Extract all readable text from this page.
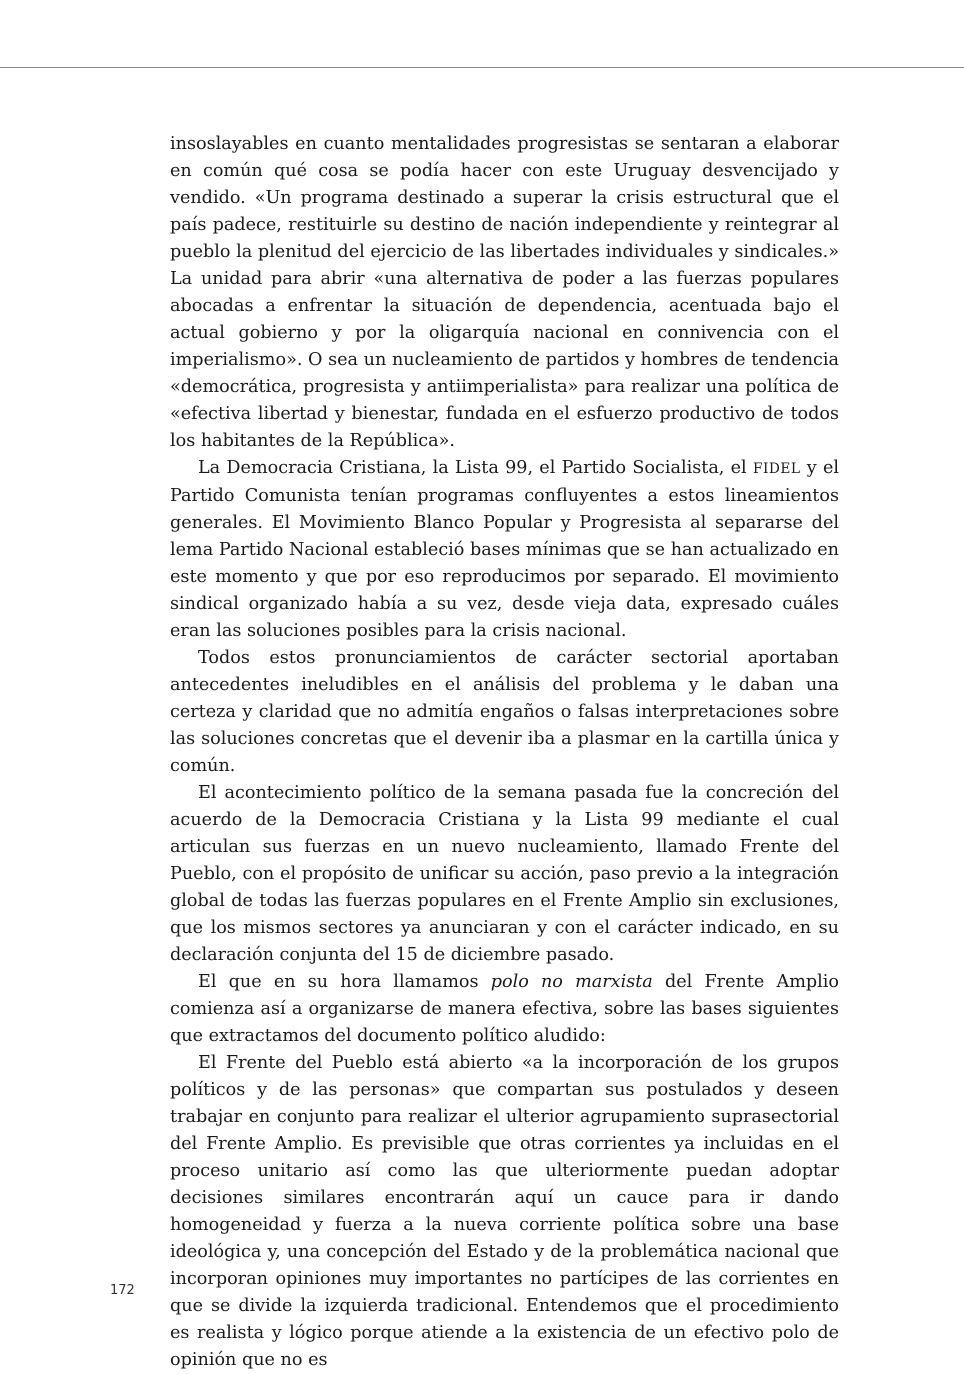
insoslayables en cuanto mentalidades progresistas se sentaran a elaborar en común qué cosa se podía hacer con este Uruguay desvencijado y vendido. «Un programa destinado a superar la crisis estructural que el país padece, restituirle su destino de nación independiente y reintegrar al pueblo la plenitud del ejercicio de las libertades individuales y sindicales.» La unidad para abrir «una alternativa de poder a las fuerzas populares abocadas a enfrentar la situación de dependencia, acentuada bajo el actual gobierno y por la oligarquía nacional en connivencia con el imperialismo». O sea un nucleamiento de partidos y hombres de tendencia «democrática, progresista y antiimperialista» para realizar una política de «efectiva libertad y bienestar, fundada en el esfuerzo productivo de todos los habitantes de la República».

La Democracia Cristiana, la Lista 99, el Partido Socialista, el FIDEL y el Partido Comunista tenían programas confluyentes a estos lineamientos generales. El Movimiento Blanco Popular y Progresista al separarse del lema Partido Nacional estableció bases mínimas que se han actualizado en este momento y que por eso reproducimos por separado. El movimiento sindical organizado había a su vez, desde vieja data, expresado cuáles eran las soluciones posibles para la crisis nacional.

Todos estos pronunciamientos de carácter sectorial aportaban antecedentes ineludibles en el análisis del problema y le daban una certeza y claridad que no admitía engaños o falsas interpretaciones sobre las soluciones concretas que el devenir iba a plasmar en la cartilla única y común.

El acontecimiento político de la semana pasada fue la concreción del acuerdo de la Democracia Cristiana y la Lista 99 mediante el cual articulan sus fuerzas en un nuevo nucleamiento, llamado Frente del Pueblo, con el propósito de unificar su acción, paso previo a la integración global de todas las fuerzas populares en el Frente Amplio sin exclusiones, que los mismos sectores ya anunciaran y con el carácter indicado, en su declaración conjunta del 15 de diciembre pasado.

El que en su hora llamamos polo no marxista del Frente Amplio comienza así a organizarse de manera efectiva, sobre las bases siguientes que extractamos del documento político aludido:

El Frente del Pueblo está abierto «a la incorporación de los grupos políticos y de las personas» que compartan sus postulados y deseen trabajar en conjunto para realizar el ulterior agrupamiento suprasectorial del Frente Amplio. Es previsible que otras corrientes ya incluidas en el proceso unitario así como las que ulteriormente puedan adoptar decisiones similares encontrarán aquí un cauce para ir dando homogeneidad y fuerza a la nueva corriente política sobre una base ideológica y, una concepción del Estado y de la problemática nacional que incorporan opiniones muy importantes no partícipes de las corrientes en que se divide la izquierda tradicional. Entendemos que el procedimiento es realista y lógico porque atiende a la existencia de un efectivo polo de opinión que no es

172
